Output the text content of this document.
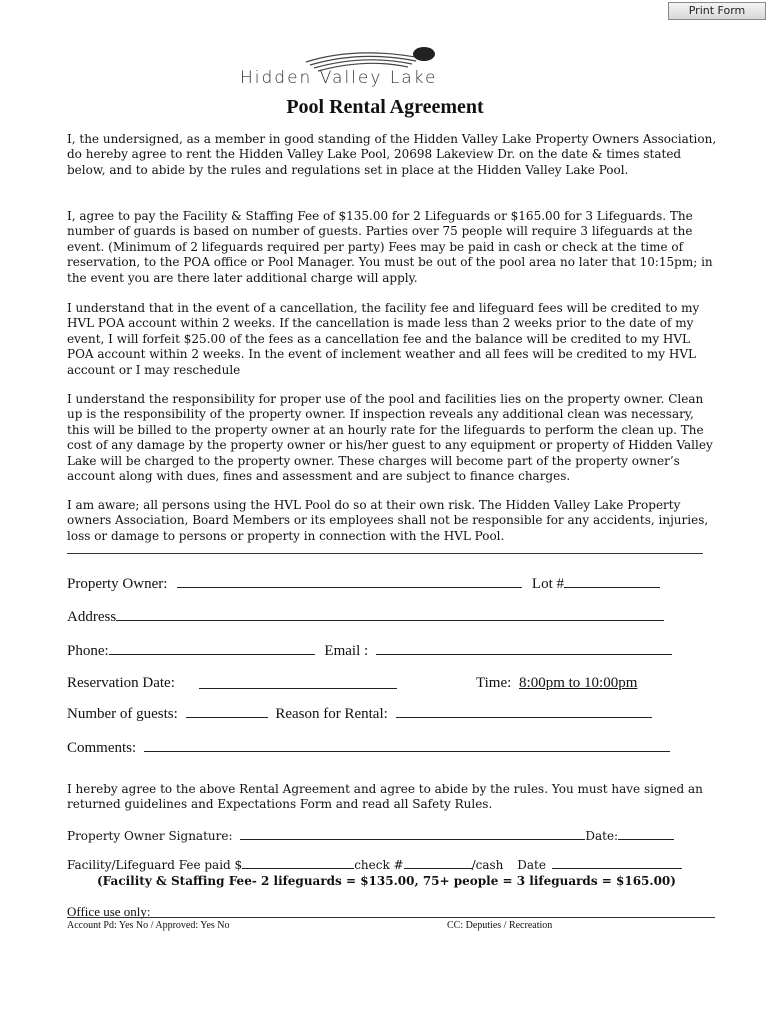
Print Form
Hidden Valley Lake
Pool Rental Agreement

I, the undersigned, as a member in good standing of the Hidden Valley Lake Property Owners Association, do hereby agree to rent the Hidden Valley Lake Pool, 20698 Lakeview Dr. on the date & times stated below, and to abide by the rules and regulations set in place at the Hidden Valley Lake Pool.

I, agree to pay the Facility & Staffing Fee of $135.00 for 2 Lifeguards or $165.00 for 3 Lifeguards. The number of guards is based on number of guests. Parties over 75 people will require 3 lifeguards at the event. (Minimum of 2 lifeguards required per party) Fees may be paid in cash or check at the time of reservation, to the POA office or Pool Manager. You must be out of the pool area no later that 10:15pm; in the event you are there later additional charge will apply.

I understand that in the event of a cancellation, the facility fee and lifeguard fees will be credited to my HVL POA account within 2 weeks. If the cancellation is made less than 2 weeks prior to the date of my event, I will forfeit $25.00 of the fees as a cancellation fee and the balance will be credited to my HVL POA account within 2 weeks. In the event of inclement weather and all fees will be credited to my HVL account or I may reschedule

I understand the responsibility for proper use of the pool and facilities lies on the property owner. Clean up is the responsibility of the property owner. If inspection reveals any additional clean was necessary, this will be billed to the property owner at an hourly rate for the lifeguards to perform the clean up. The cost of any damage by the property owner or his/her guest to any equipment or property of Hidden Valley Lake will be charged to the property owner. These charges will become part of the property owner’s account along with dues, fines and assessment and are subject to finance charges.

I am aware; all persons using the HVL Pool do so at their own risk. The Hidden Valley Lake Property owners Association, Board Members or its employees shall not be responsible for any accidents, injuries, loss or damage to persons or property in connection with the HVL Pool.

Property Owner:	Lot #
Address
Phone:	Email :
Reservation Date:	Time: 8:00pm to 10:00pm
Number of guests:	Reason for Rental:
Comments:

I hereby agree to the above Rental Agreement and agree to abide by the rules. You must have signed an returned guidelines and Expectations Form and read all Safety Rules.

Property Owner Signature:	Date:
Facility/Lifeguard Fee paid $	check #	/cash Date
(Facility & Staffing Fee- 2 lifeguards = $135.00, 75+ people = 3 lifeguards = $165.00)
Office use only:
Account Pd: Yes No / Approved: Yes No	CC: Deputies / Recreation
